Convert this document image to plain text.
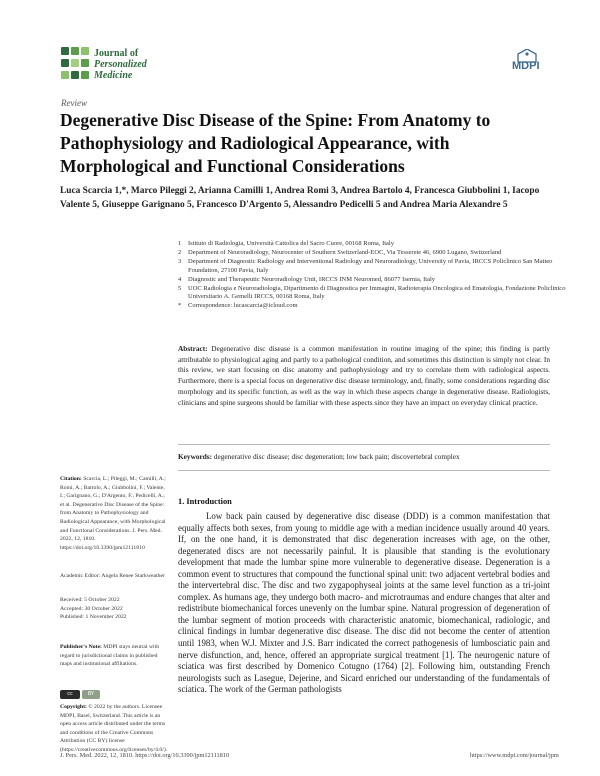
Journal of
Personalized
Medicine
MDPI
Review
Degenerative Disc Disease of the Spine: From Anatomy to Pathophysiology and Radiological Appearance, with Morphological and Functional Considerations
Luca Scarcia 1,*, Marco Pileggi 2, Arianna Camilli 1, Andrea Romi 3, Andrea Bartolo 4, Francesca Giubbolini 1, Iacopo Valente 5, Giuseppe Garignano 5, Francesco D'Argento 5, Alessandro Pedicelli 5 and Andrea Maria Alexandre 5
1 Istituto di Radiologia, Università Cattolica del Sacro Cuore, 00168 Roma, Italy
2 Department of Neuroradiology, Neurocenter of Southern Switzerland-EOC, Via Tesserete 46, 6900 Lugano, Switzerland
3 Department of Diagnostic Radiology and Interventional Radiology and Neuroradiology, University of Pavia, IRCCS Policlinico San Matteo Foundation, 27100 Pavia, Italy
4 Diagnostic and Therapeutic Neuroradiology Unit, IRCCS INM Neuromed, 86077 Isernia, Italy
5 UOC Radiologia e Neuroradiologia, Dipartimento di Diagnostica per Immagini, Radioterapia Oncologica ed Ematologia, Fondazione Policlinico Universitario A. Gemelli IRCCS, 00168 Roma, Italy
* Correspondence: lucascarcia@icloud.com
Abstract: Degenerative disc disease is a common manifestation in routine imaging of the spine; this finding is partly attributable to physiological aging and partly to a pathological condition, and sometimes this distinction is simply not clear. In this review, we start focusing on disc anatomy and pathophysiology and try to correlate them with radiological aspects. Furthermore, there is a special focus on degenerative disc disease terminology, and, finally, some considerations regarding disc morphology and its specific function, as well as the way in which these aspects change in degenerative disease. Radiologists, clinicians and spine surgeons should be familiar with these aspects since they have an impact on everyday clinical practice.
Keywords: degenerative disc disease; disc degeneration; low back pain; discovertebral complex
Citation: Scarcia, L.; Pileggi, M.; Camilli, A.; Romi, A.; Bartolo, A.; Giubbolini, F.; Valente, I.; Garignano, G.; D'Argento, F.; Pedicelli, A.; et al. Degenerative Disc Disease of the Spine: from Anatomy to Pathophysiology and Radiological Appearance, with Morphological and Functional Considerations. J. Pers. Med. 2022, 12, 1810. https://doi.org/10.3390/jpm12111810
Academic Editor: Angela Renee Starkweather
Received: 5 October 2022
Accepted: 30 October 2022
Published: 1 November 2022
Publisher's Note: MDPI stays neutral with regard to jurisdictional claims in published maps and institutional affiliations.
cc	BY
Copyright: © 2022 by the authors. Licensee MDPI, Basel, Switzerland. This article is an open access article distributed under the terms and conditions of the Creative Commons Attribution (CC BY) license (https://creativecommons.org/licenses/by/4.0/).
1. Introduction
Low back pain caused by degenerative disc disease (DDD) is a common manifestation that equally affects both sexes, from young to middle age with a median incidence usually around 40 years. If, on the one hand, it is demonstrated that disc degeneration increases with age, on the other, degenerated discs are not necessarily painful. It is plausible that standing is the evolutionary development that made the lumbar spine more vulnerable to degenerative disease. Degeneration is a common event to structures that compound the functional spinal unit: two adjacent vertebral bodies and the intervertebral disc. The disc and two zygapophyseal joints at the same level function as a tri-joint complex. As humans age, they undergo both macro- and microtraumas and endure changes that alter and redistribute biomechanical forces unevenly on the lumbar spine. Natural progression of degeneration of the lumbar segment of motion proceeds with characteristic anatomic, biomechanical, radiologic, and clinical findings in lumbar degenerative disc disease. The disc did not become the center of attention until 1983, when W.J. Mixter and J.S. Barr indicated the correct pathogenesis of lumbosciatic pain and nerve disfunction, and, hence, offered an appropriate surgical treatment [1]. The neurogenic nature of sciatica was first described by Domenico Cotugno (1764) [2]. Following him, outstanding French neurologists such as Lasegue, Dejerine, and Sicard enriched our understanding of the fundamentals of sciatica. The work of the German pathologists
J. Pers. Med. 2022, 12, 1810. https://doi.org/10.3390/jpm12111810	https://www.mdpi.com/journal/jpm
